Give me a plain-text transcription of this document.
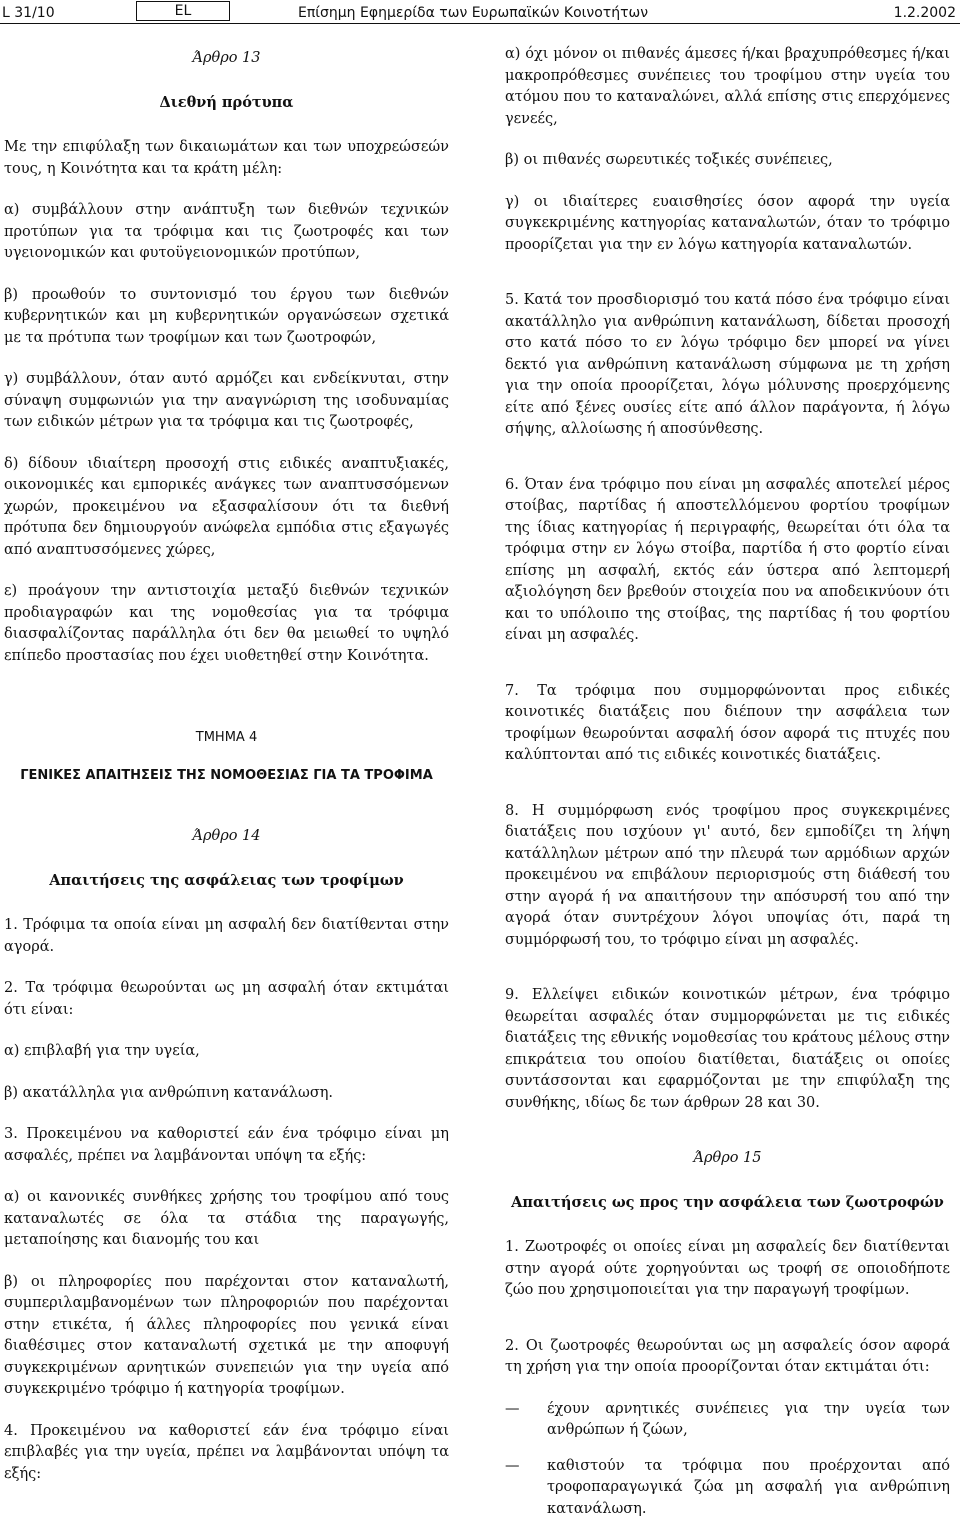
L 31/10	EL	Επίσημη Εφημερίδα των Ευρωπαϊκών Κοινοτήτων	1.2.2002
Άρθρο 13
Διεθνή πρότυπα

Με την επιφύλαξη των δικαιωμάτων και των υποχρεώσεών τους, η Κοινότητα και τα κράτη μέλη:

α) συμβάλλουν στην ανάπτυξη των διεθνών τεχνικών προτύπων για τα τρόφιμα και τις ζωοτροφές και των υγειονομικών και φυτοϋγειονομικών προτύπων,

β) προωθούν το συντονισμό του έργου των διεθνών κυβερνητικών και μη κυβερνητικών οργανώσεων σχετικά με τα πρότυπα των τροφίμων και των ζωοτροφών,

γ) συμβάλλουν, όταν αυτό αρμόζει και ενδείκνυται, στην σύναψη συμφωνιών για την αναγνώριση της ισοδυναμίας των ειδικών μέτρων για τα τρόφιμα και τις ζωοτροφές,

δ) δίδουν ιδιαίτερη προσοχή στις ειδικές αναπτυξιακές, οικονομικές και εμπορικές ανάγκες των αναπτυσσόμενων χωρών, προκειμένου να εξασφαλίσουν ότι τα διεθνή πρότυπα δεν δημιουργούν ανώφελα εμπόδια στις εξαγωγές από αναπτυσσόμενες χώρες,

ε) προάγουν την αντιστοιχία μεταξύ διεθνών τεχνικών προδιαγραφών και της νομοθεσίας για τα τρόφιμα διασφαλίζοντας παράλληλα ότι δεν θα μειωθεί το υψηλό επίπεδο προστασίας που έχει υιοθετηθεί στην Κοινότητα.

ΤΜΗΜΑ 4
ΓΕΝΙΚΕΣ ΑΠΑΙΤΗΣΕΙΣ ΤΗΣ ΝΟΜΟΘΕΣΙΑΣ ΓΙΑ ΤΑ ΤΡΟΦΙΜΑ
Άρθρο 14
Απαιτήσεις της ασφάλειας των τροφίμων

1. Τρόφιμα τα οποία είναι μη ασφαλή δεν διατίθενται στην αγορά.

2. Τα τρόφιμα θεωρούνται ως μη ασφαλή όταν εκτιμάται ότι είναι:

α) επιβλαβή για την υγεία,

β) ακατάλληλα για ανθρώπινη κατανάλωση.

3. Προκειμένου να καθοριστεί εάν ένα τρόφιμο είναι μη ασφαλές, πρέπει να λαμβάνονται υπόψη τα εξής:

α) οι κανονικές συνθήκες χρήσης του τροφίμου από τους καταναλωτές σε όλα τα στάδια της παραγωγής, μεταποίησης και διανομής του και

β) οι πληροφορίες που παρέχονται στον καταναλωτή, συμπεριλαμβανομένων των πληροφοριών που παρέχονται στην ετικέτα, ή άλλες πληροφορίες που γενικά είναι διαθέσιμες στον καταναλωτή σχετικά με την αποφυγή συγκεκριμένων αρνητικών συνεπειών για την υγεία από συγκεκριμένο τρόφιμο ή κατηγορία τροφίμων.

4. Προκειμένου να καθοριστεί εάν ένα τρόφιμο είναι επιβλαβές για την υγεία, πρέπει να λαμβάνονται υπόψη τα εξής:

α) όχι μόνον οι πιθανές άμεσες ή/και βραχυπρόθεσμες ή/και μακροπρόθεσμες συνέπειες του τροφίμου στην υγεία του ατόμου που το καταναλώνει, αλλά επίσης στις επερχόμενες γενεές,

β) οι πιθανές σωρευτικές τοξικές συνέπειες,

γ) οι ιδιαίτερες ευαισθησίες όσον αφορά την υγεία συγκεκριμένης κατηγορίας καταναλωτών, όταν το τρόφιμο προορίζεται για την εν λόγω κατηγορία καταναλωτών.

5. Κατά τον προσδιορισμό του κατά πόσο ένα τρόφιμο είναι ακατάλληλο για ανθρώπινη κατανάλωση, δίδεται προσοχή στο κατά πόσο το εν λόγω τρόφιμο δεν μπορεί να γίνει δεκτό για ανθρώπινη κατανάλωση σύμφωνα με τη χρήση για την οποία προορίζεται, λόγω μόλυνσης προερχόμενης είτε από ξένες ουσίες είτε από άλλον παράγοντα, ή λόγω σήψης, αλλοίωσης ή αποσύνθεσης.

6. Όταν ένα τρόφιμο που είναι μη ασφαλές αποτελεί μέρος στοίβας, παρτίδας ή αποστελλόμενου φορτίου τροφίμων της ίδιας κατηγορίας ή περιγραφής, θεωρείται ότι όλα τα τρόφιμα στην εν λόγω στοίβα, παρτίδα ή στο φορτίο είναι επίσης μη ασφαλή, εκτός εάν ύστερα από λεπτομερή αξιολόγηση δεν βρεθούν στοιχεία που να αποδεικνύουν ότι και το υπόλοιπο της στοίβας, της παρτίδας ή του φορτίου είναι μη ασφαλές.

7. Τα τρόφιμα που συμμορφώνονται προς ειδικές κοινοτικές διατάξεις που διέπουν την ασφάλεια των τροφίμων θεωρούνται ασφαλή όσον αφορά τις πτυχές που καλύπτονται από τις ειδικές κοινοτικές διατάξεις.

8. Η συμμόρφωση ενός τροφίμου προς συγκεκριμένες διατάξεις που ισχύουν γι' αυτό, δεν εμποδίζει τη λήψη κατάλληλων μέτρων από την πλευρά των αρμόδιων αρχών προκειμένου να επιβάλουν περιορισμούς στη διάθεσή του στην αγορά ή να απαιτήσουν την απόσυρσή του από την αγορά όταν συντρέχουν λόγοι υποψίας ότι, παρά τη συμμόρφωσή του, το τρόφιμο είναι μη ασφαλές.

9. Ελλείψει ειδικών κοινοτικών μέτρων, ένα τρόφιμο θεωρείται ασφαλές όταν συμμορφώνεται με τις ειδικές διατάξεις της εθνικής νομοθεσίας του κράτους μέλους στην επικράτεια του οποίου διατίθεται, διατάξεις οι οποίες συντάσσονται και εφαρμόζονται με την επιφύλαξη της συνθήκης, ιδίως δε των άρθρων 28 και 30.

Άρθρο 15
Απαιτήσεις ως προς την ασφάλεια των ζωοτροφών

1. Ζωοτροφές οι οποίες είναι μη ασφαλείς δεν διατίθενται στην αγορά ούτε χορηγούνται ως τροφή σε οποιοδήποτε ζώο που χρησιμοποιείται για την παραγωγή τροφίμων.

2. Οι ζωοτροφές θεωρούνται ως μη ασφαλείς όσον αφορά τη χρήση για την οποία προορίζονται όταν εκτιμάται ότι:

—	έχουν αρνητικές συνέπειες για την υγεία των ανθρώπων ή ζώων,
—	καθιστούν τα τρόφιμα που προέρχονται από τροφοπαραγωγικά ζώα μη ασφαλή για ανθρώπινη κατανάλωση.
